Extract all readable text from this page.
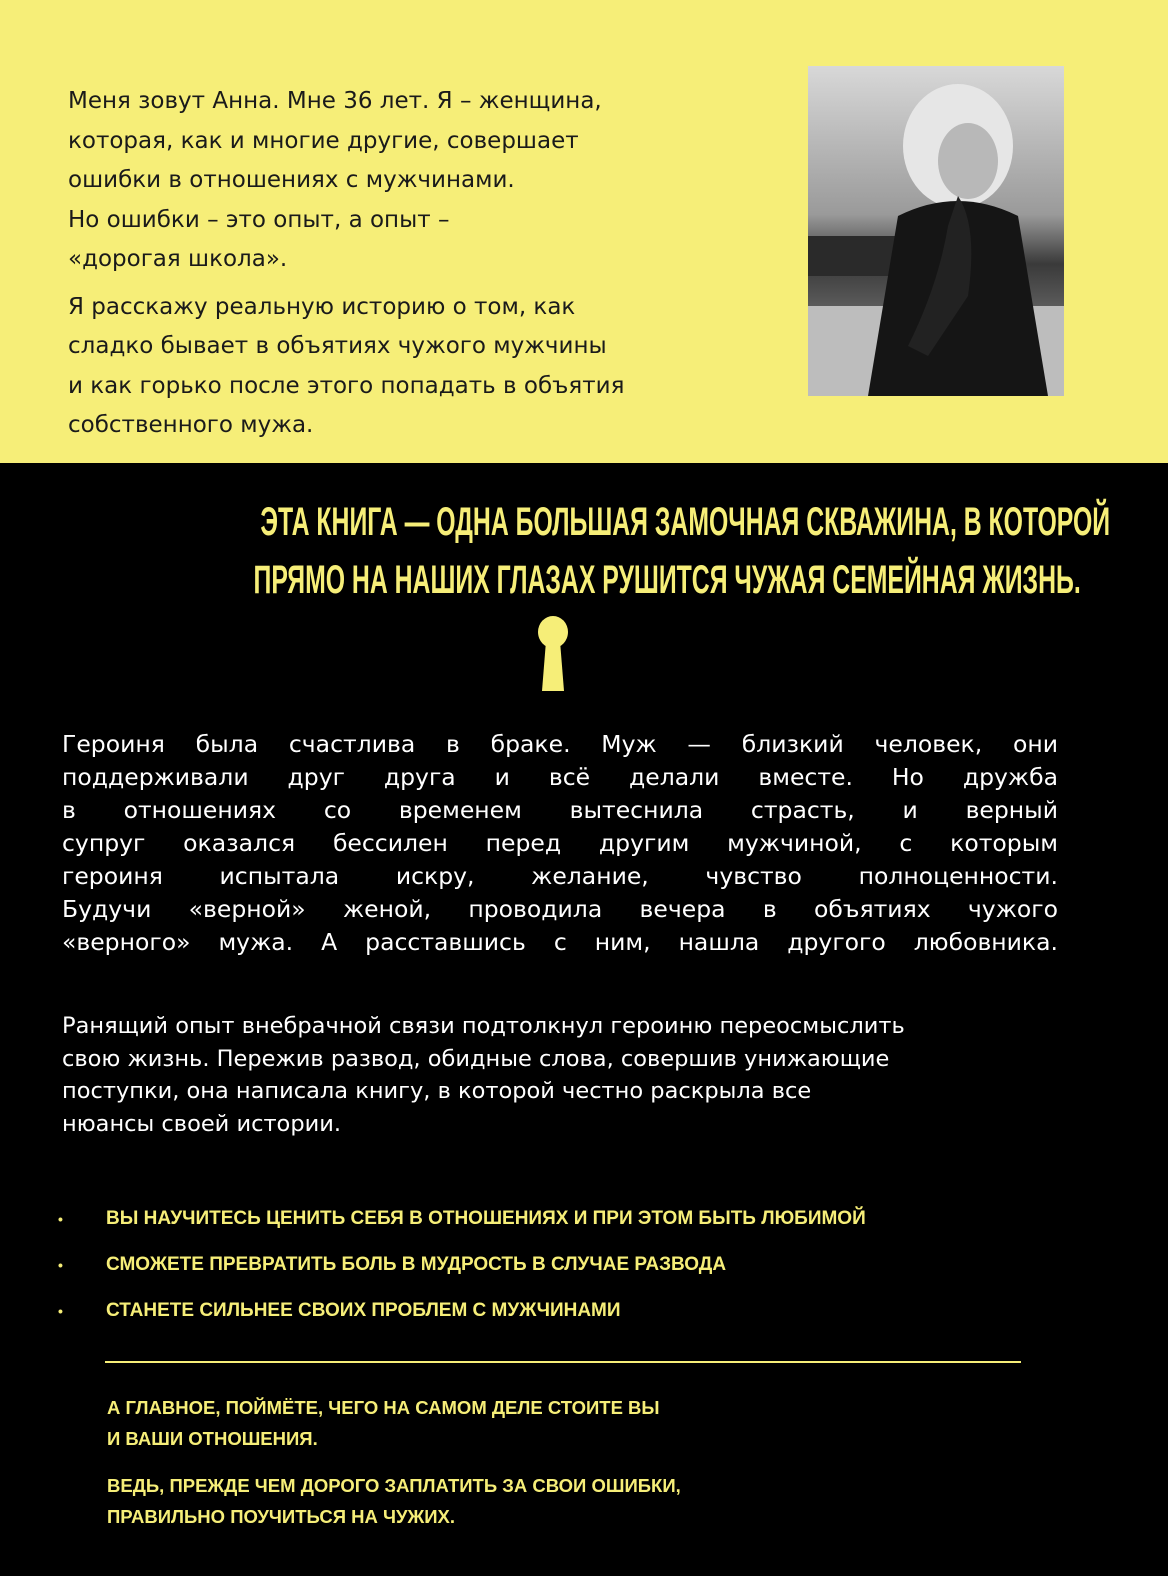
Меня зовут Анна. Мне 36 лет. Я – женщина,
которая, как и многие другие, совершает
ошибки в отношениях с мужчинами.
Но ошибки – это опыт, а опыт –
«дорогая школа».

Я расскажу реальную историю о том, как
сладко бывает в объятиях чужого мужчины
и как горько после этого попадать в объятия
собственного мужа.

ЭТА КНИГА — ОДНА БОЛЬШАЯ ЗАМОЧНАЯ СКВАЖИНА, В КОТОРОЙ
ПРЯМО НА НАШИХ ГЛАЗАХ РУШИТСЯ ЧУЖАЯ СЕМЕЙНАЯ ЖИЗНЬ.
Героиня была счастлива в браке. Муж — близкий человек, они
поддерживали друг друга и всё делали вместе. Но дружба
в отношениях со временем вытеснила страсть, и верный
супруг оказался бессилен перед другим мужчиной, с которым
героиня испытала искру, желание, чувство полноценности.
Будучи «верной» женой, проводила вечера в объятиях чужого
«верного» мужа. А расставшись с ним, нашла другого любовника.
Ранящий опыт внебрачной связи подтолкнул героиню переосмыслить
свою жизнь. Пережив развод, обидные слова, совершив унижающие
поступки, она написала книгу, в которой честно раскрыла все
нюансы своей истории.
•	ВЫ НАУЧИТЕСЬ ЦЕНИТЬ СЕБЯ В ОТНОШЕНИЯХ И ПРИ ЭТОМ БЫТЬ ЛЮБИМОЙ
•	СМОЖЕТЕ ПРЕВРАТИТЬ БОЛЬ В МУДРОСТЬ В СЛУЧАЕ РАЗВОДА
•	СТАНЕТЕ СИЛЬНЕЕ СВОИХ ПРОБЛЕМ С МУЖЧИНАМИ

А ГЛАВНОЕ, ПОЙМЁТЕ, ЧЕГО НА САМОМ ДЕЛЕ СТОИТЕ ВЫ
И ВАШИ ОТНОШЕНИЯ.

ВЕДЬ, ПРЕЖДЕ ЧЕМ ДОРОГО ЗАПЛАТИТЬ ЗА СВОИ ОШИБКИ,
ПРАВИЛЬНО ПОУЧИТЬСЯ НА ЧУЖИХ.
